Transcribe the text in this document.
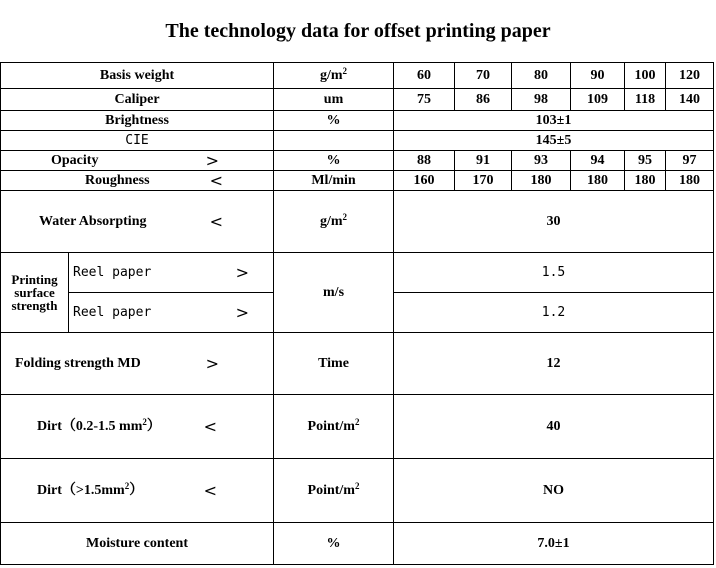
The technology data for offset printing paper
Basis weight		$g/m^2$	60	70	80	90	100	120
Caliper		um	75	86	98	109	118	140
Brightness		%	103±1					
CIE			145±5					

Opacity >		%	88	91	93	94	95	97

Roughness <		Ml/min	160	170	180	180	180	180

Water Absorpting <		$g/m^2$	30					
Printing surface strength	Reel paper >	m/s	1.5					

	Reel paper >		1.2					

Folding strength MD >		Time	12					

Dirt（0.2-1.5 $mm^2$） <		Point/$m^2$	40					

$Dirt(>1.5mm^2)$ <		Point/$m^2$	NO					
Moisture content		%	7.0±1					
